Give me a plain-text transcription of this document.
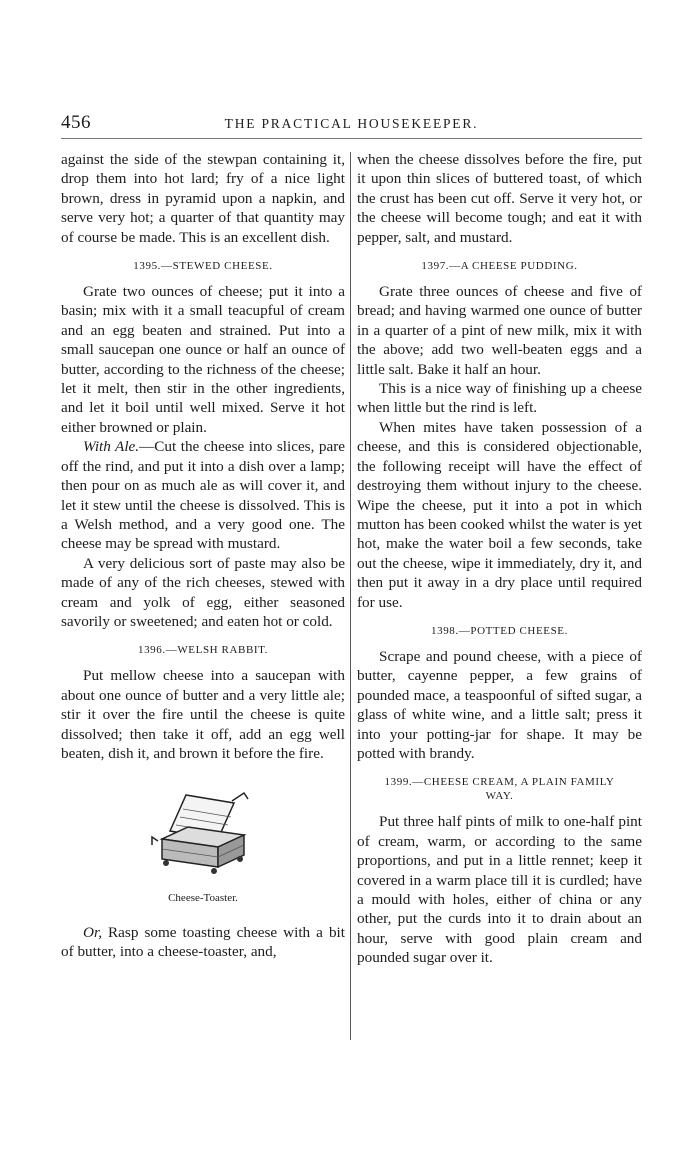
456	THE PRACTICAL HOUSEKEEPER.

against the side of the stewpan containing it, drop them into hot lard; fry of a nice light brown, dress in pyramid upon a napkin, and serve very hot; a quarter of that quantity may of course be made. This is an excellent dish.

1395.—STEWED CHEESE.

Grate two ounces of cheese; put it into a basin; mix with it a small teacupful of cream and an egg beaten and strained. Put into a small saucepan one ounce or half an ounce of butter, according to the richness of the cheese; let it melt, then stir in the other ingredients, and let it boil until well mixed. Serve it hot either browned or plain.

With Ale.—Cut the cheese into slices, pare off the rind, and put it into a dish over a lamp; then pour on as much ale as will cover it, and let it stew until the cheese is dissolved. This is a Welsh method, and a very good one. The cheese may be spread with mustard.

A very delicious sort of paste may also be made of any of the rich cheeses, stewed with cream and yolk of egg, either seasoned savorily or sweetened; and eaten hot or cold.

1396.—WELSH RABBIT.

Put mellow cheese into a saucepan with about one ounce of butter and a very little ale; stir it over the fire until the cheese is quite dissolved; then take it off, add an egg well beaten, dish it, and brown it before the fire.

Cheese-Toaster.

Or, Rasp some toasting cheese with a bit of butter, into a cheese-toaster, and,

when the cheese dissolves before the fire, put it upon thin slices of buttered toast, of which the crust has been cut off. Serve it very hot, or the cheese will become tough; and eat it with pepper, salt, and mustard.

1397.—A CHEESE PUDDING.

Grate three ounces of cheese and five of bread; and having warmed one ounce of butter in a quarter of a pint of new milk, mix it with the above; add two well-beaten eggs and a little salt. Bake it half an hour.

This is a nice way of finishing up a cheese when little but the rind is left.

When mites have taken possession of a cheese, and this is considered objectionable, the following receipt will have the effect of destroying them without injury to the cheese. Wipe the cheese, put it into a pot in which mutton has been cooked whilst the water is yet hot, make the water boil a few seconds, take out the cheese, wipe it immediately, dry it, and then put it away in a dry place until required for use.

1398.—POTTED CHEESE.

Scrape and pound cheese, with a piece of butter, cayenne pepper, a few grains of pounded mace, a teaspoonful of sifted sugar, a glass of white wine, and a little salt; press it into your potting-jar for shape. It may be potted with brandy.

1399.—CHEESE CREAM, A PLAIN FAMILY
WAY.

Put three half pints of milk to one-half pint of cream, warm, or according to the same proportions, and put in a little rennet; keep it covered in a warm place till it is curdled; have a mould with holes, either of china or any other, put the curds into it to drain about an hour, serve with good plain cream and pounded sugar over it.
